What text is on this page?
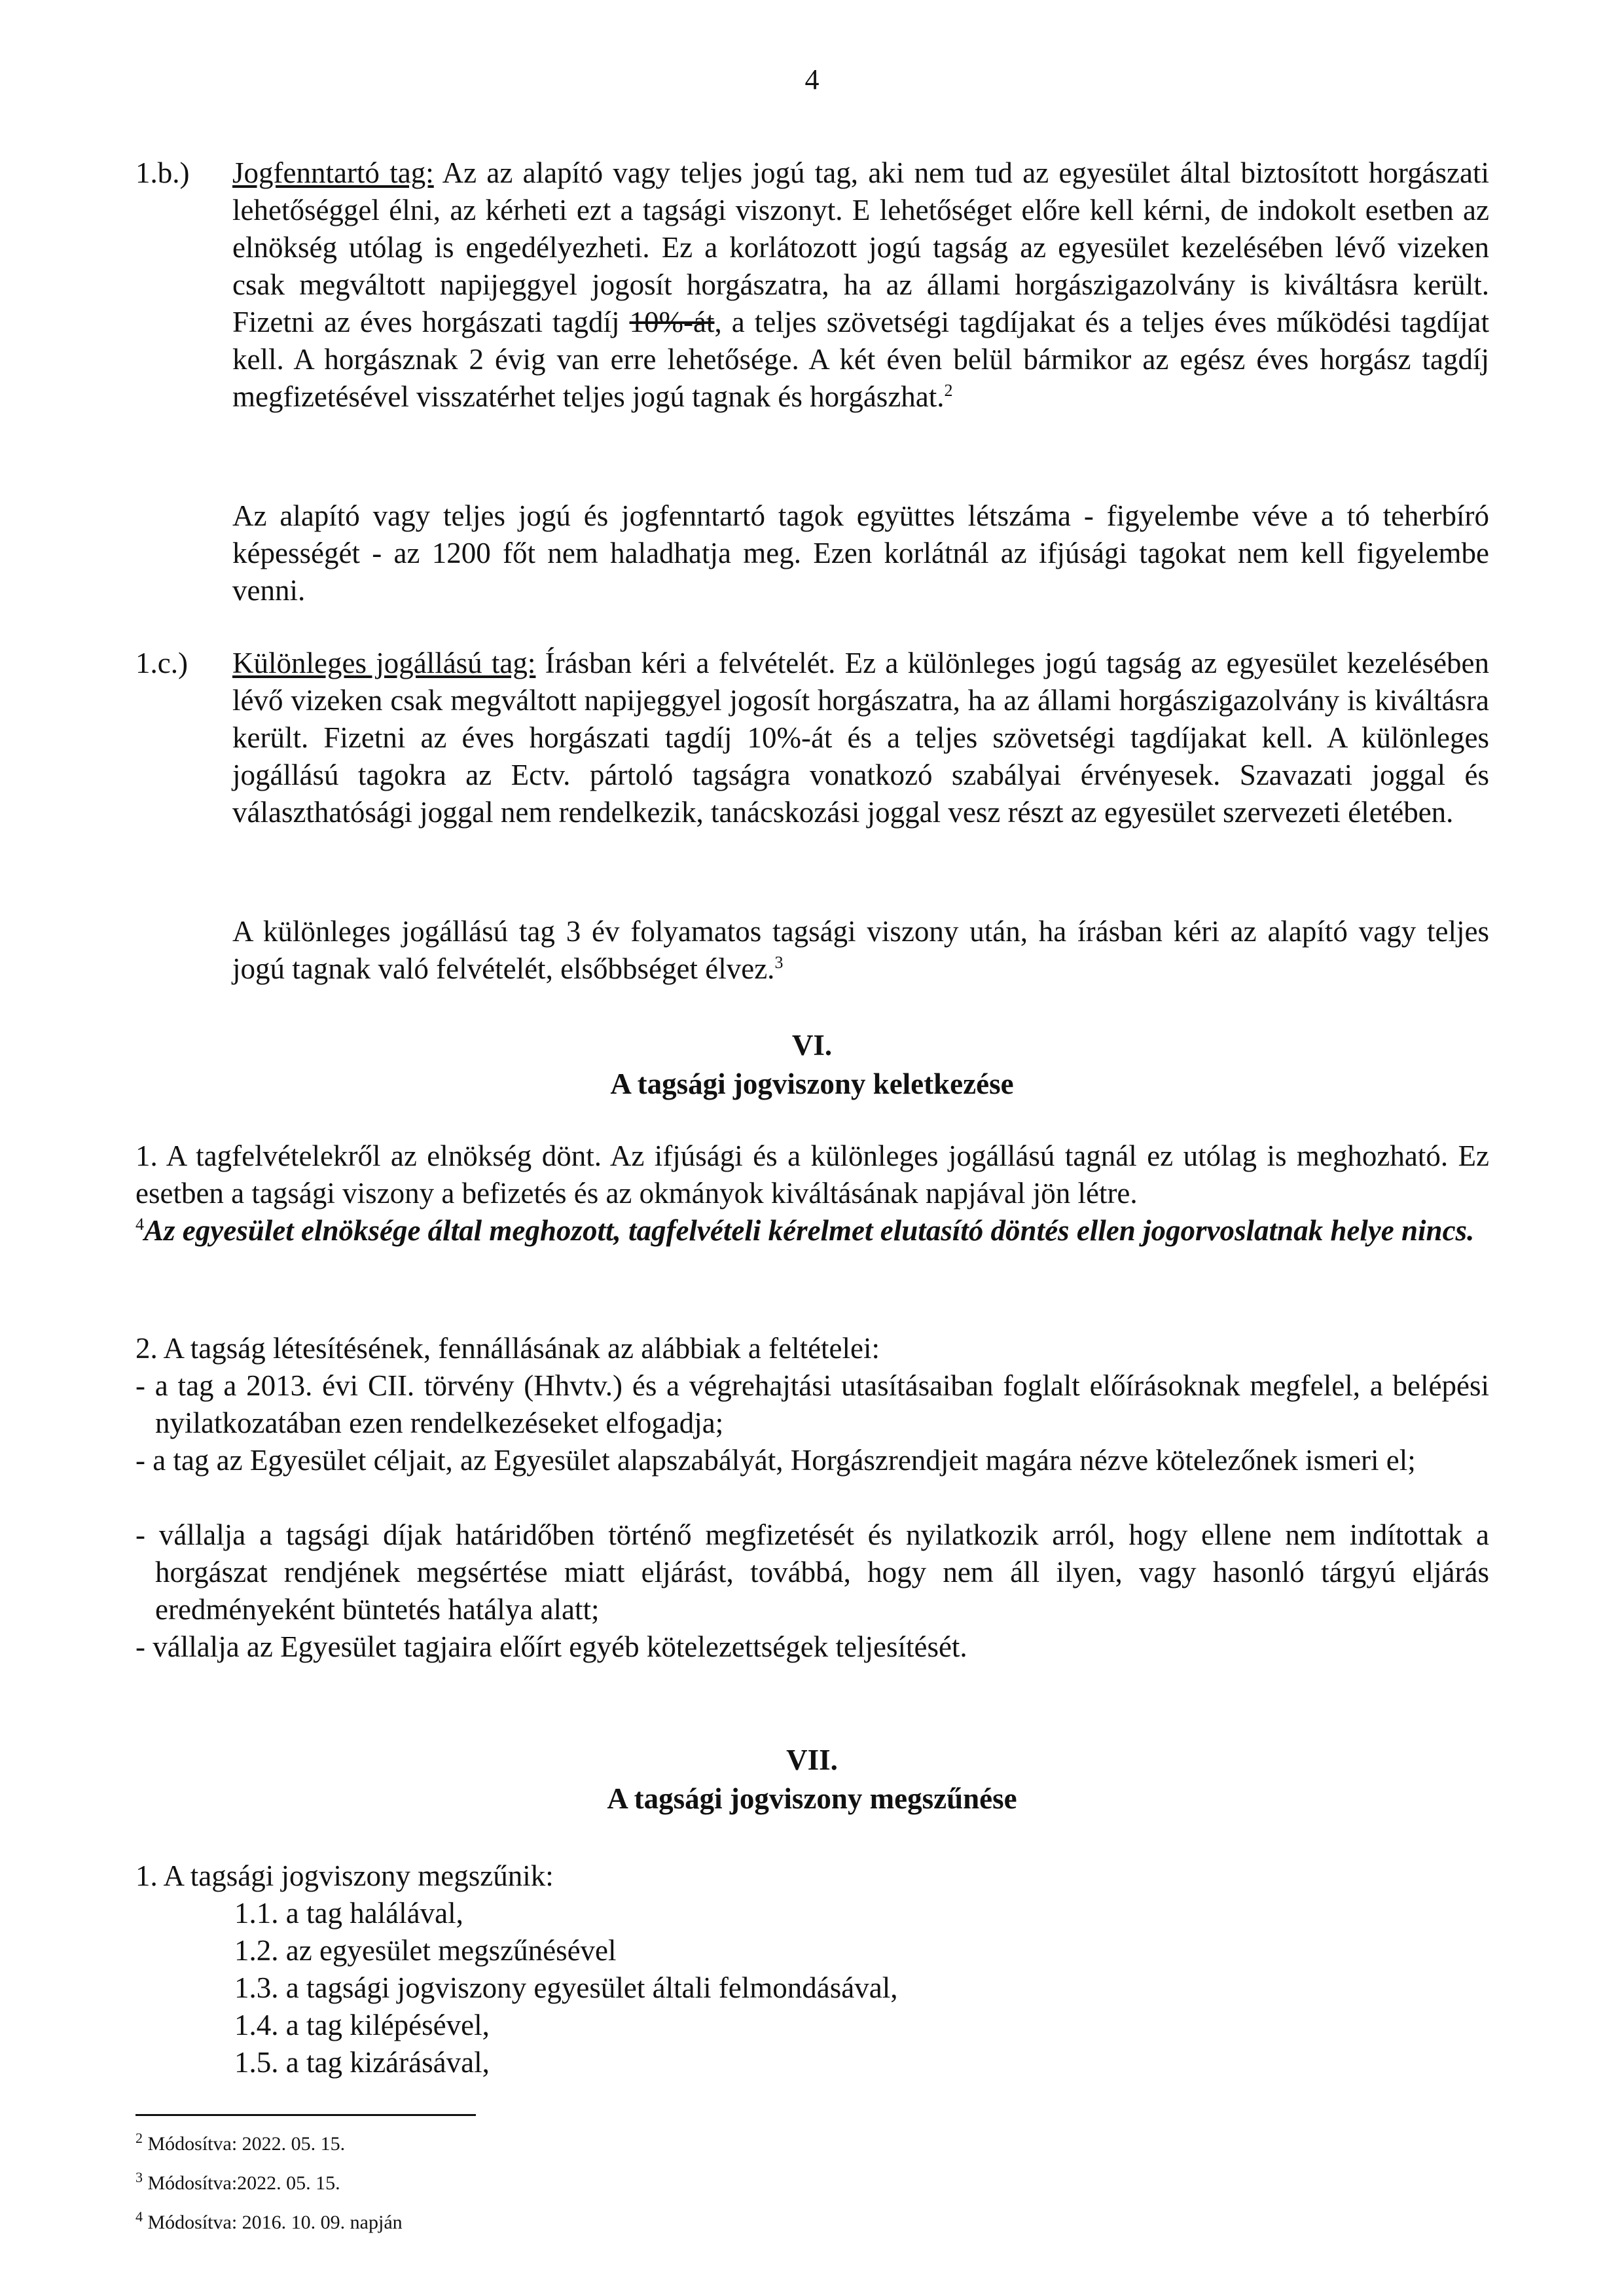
4
1.b.) Jogfenntartó tag: Az az alapító vagy teljes jogú tag, aki nem tud az egyesület által biztosított horgászati lehetőséggel élni, az kérheti ezt a tagsági viszonyt. E lehetőséget előre kell kérni, de indokolt esetben az elnökség utólag is engedélyezheti. Ez a korlátozott jogú tagság az egyesület kezelésében lévő vizeken csak megváltott napijeggyel jogosít horgászatra, ha az állami horgászigazolvány is kiváltásra került. Fizetni az éves horgászati tagdíj 10%-át, a teljes szövetségi tagdíjakat és a teljes éves működési tagdíjat kell. A horgásznak 2 évig van erre lehetősége. A két éven belül bármikor az egész éves horgász tagdíj megfizetésével visszatérhet teljes jogú tagnak és horgászhat.$^2$
Az alapító vagy teljes jogú és jogfenntartó tagok együttes létszáma - figyelembe véve a tó teherbíró képességét - az 1200 főt nem haladhatja meg. Ezen korlátnál az ifjúsági tagokat nem kell figyelembe venni.
1.c.) Különleges jogállású tag: Írásban kéri a felvételét. Ez a különleges jogú tagság az egyesület kezelésében lévő vizeken csak megváltott napijeggyel jogosít horgászatra, ha az állami horgászigazolvány is kiváltásra került. Fizetni az éves horgászati tagdíj 10%-át és a teljes szövetségi tagdíjakat kell. A különleges jogállású tagokra az Ectv. pártoló tagságra vonatkozó szabályai érvényesek. Szavazati joggal és választhatósági joggal nem rendelkezik, tanácskozási joggal vesz részt az egyesület szervezeti életében.
A különleges jogállású tag 3 év folyamatos tagsági viszony után, ha írásban kéri az alapító vagy teljes jogú tagnak való felvételét, elsőbbséget élvez.$^3$
VI.
A tagsági jogviszony keletkezése
1. A tagfelvételekről az elnökség dönt. Az ifjúsági és a különleges jogállású tagnál ez utólag is meghozható. Ez esetben a tagsági viszony a befizetés és az okmányok kiváltásának napjával jön létre.
$^4$Az egyesület elnöksége által meghozott, tagfelvételi kérelmet elutasító döntés ellen jogorvoslatnak helye nincs.
2. A tagság létesítésének, fennállásának az alábbiak a feltételei:
- a tag a 2013. évi CII. törvény (Hhvtv.) és a végrehajtási utasításaiban foglalt előírásoknak megfelel, a belépési nyilatkozatában ezen rendelkezéseket elfogadja;
- a tag az Egyesület céljait, az Egyesület alapszabályát, Horgászrendjeit magára nézve kötelezőnek ismeri el;
- vállalja a tagsági díjak határidőben történő megfizetését és nyilatkozik arról, hogy ellene nem indítottak a horgászat rendjének megsértése miatt eljárást, továbbá, hogy nem áll ilyen, vagy hasonló tárgyú eljárás eredményeként büntetés hatálya alatt;
- vállalja az Egyesület tagjaira előírt egyéb kötelezettségek teljesítését.
VII.
A tagsági jogviszony megszűnése
1. A tagsági jogviszony megszűnik:
1.1. a tag halálával,
1.2. az egyesület megszűnésével
1.3. a tagsági jogviszony egyesület általi felmondásával,
1.4. a tag kilépésével,
1.5. a tag kizárásával,
$^2$ Módosítva: 2022. 05. 15.
$^3$ Módosítva:2022. 05. 15.
$^4$ Módosítva: 2016. 10. 09. napján
